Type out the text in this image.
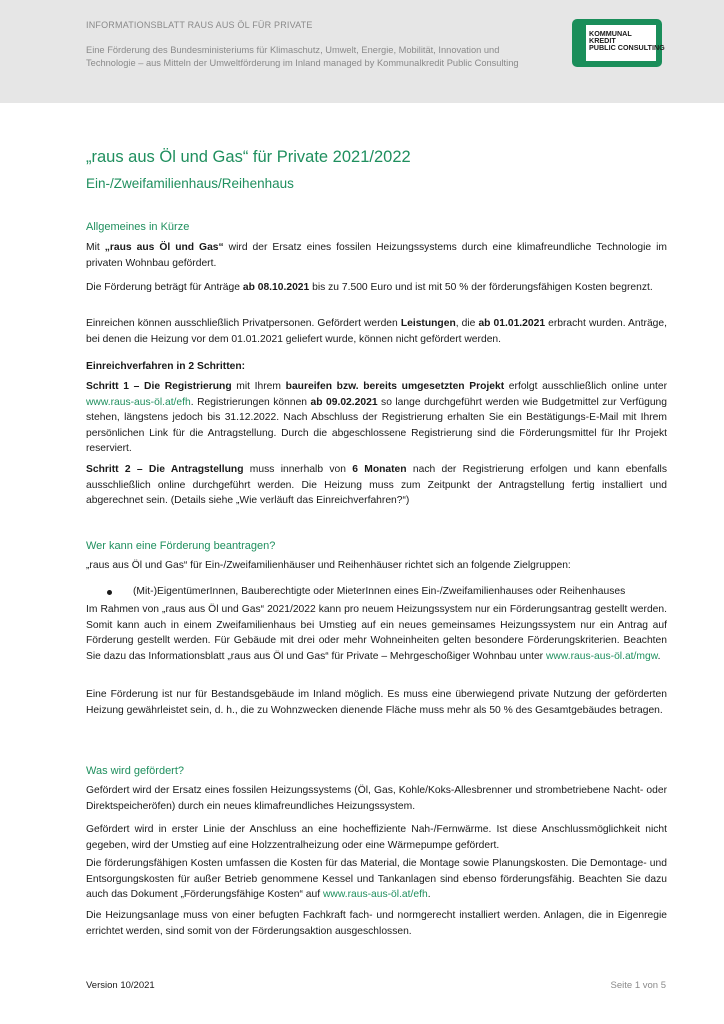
INFORMATIONSBLATT RAUS AUS ÖL FÜR PRIVATE
Eine Förderung des Bundesministeriums für Klimaschutz, Umwelt, Energie, Mobilität, Innovation und Technologie – aus Mitteln der Umweltförderung im Inland managed by Kommunalkredit Public Consulting
KOMMUNAL
KREDIT
PUBLIC CONSULTING
„raus aus Öl und Gas“ für Private 2021/2022
Ein-/Zweifamilienhaus/Reihenhaus
Allgemeines in Kürze

Mit „raus aus Öl und Gas“ wird der Ersatz eines fossilen Heizungssystems durch eine klimafreundliche Technologie im privaten Wohnbau gefördert.

Die Förderung beträgt für Anträge ab 08.10.2021 bis zu 7.500 Euro und ist mit 50 % der förderungsfähigen Kosten begrenzt.

Einreichen können ausschließlich Privatpersonen. Gefördert werden Leistungen, die ab 01.01.2021 erbracht wurden. Anträge, bei denen die Heizung vor dem 01.01.2021 geliefert wurde, können nicht gefördert werden.

Einreichverfahren in 2 Schritten:

Schritt 1 – Die Registrierung mit Ihrem baureifen bzw. bereits umgesetzten Projekt erfolgt ausschließlich online unter www.raus-aus-öl.at/efh. Registrierungen können ab 09.02.2021 so lange durchgeführt werden wie Budgetmittel zur Verfügung stehen, längstens jedoch bis 31.12.2022. Nach Abschluss der Registrierung erhalten Sie ein Bestätigungs-E-Mail mit Ihrem persönlichen Link für die Antragstellung. Durch die abgeschlossene Registrierung sind die Förderungsmittel für Ihr Projekt reserviert.

Schritt 2 – Die Antragstellung muss innerhalb von 6 Monaten nach der Registrierung erfolgen und kann ebenfalls ausschließlich online durchgeführt werden. Die Heizung muss zum Zeitpunkt der Antragstellung fertig installiert und abgerechnet sein. (Details siehe „Wie verläuft das Einreichverfahren?“)

Wer kann eine Förderung beantragen?

„raus aus Öl und Gas“ für Ein-/Zweifamilienhäuser und Reihenhäuser richtet sich an folgende Zielgruppen:

(Mit-)EigentümerInnen, Bauberechtigte oder MieterInnen eines Ein-/Zweifamilienhauses oder Reihenhauses

Im Rahmen von „raus aus Öl und Gas“ 2021/2022 kann pro neuem Heizungssystem nur ein Förderungsantrag gestellt werden. Somit kann auch in einem Zweifamilienhaus bei Umstieg auf ein neues gemeinsames Heizungssystem nur ein Antrag auf Förderung gestellt werden. Für Gebäude mit drei oder mehr Wohneinheiten gelten besondere Förderungskriterien. Beachten Sie dazu das Informationsblatt „raus aus Öl und Gas“ für Private – Mehrgeschoßiger Wohnbau unter www.raus-aus-öl.at/mgw.

Eine Förderung ist nur für Bestandsgebäude im Inland möglich. Es muss eine überwiegend private Nutzung der geförderten Heizung gewährleistet sein, d. h., die zu Wohnzwecken dienende Fläche muss mehr als 50 % des Gesamtgebäudes betragen.

Was wird gefördert?

Gefördert wird der Ersatz eines fossilen Heizungssystems (Öl, Gas, Kohle/Koks-Allesbrenner und strombetriebene Nacht- oder Direktspeicheröfen) durch ein neues klimafreundliches Heizungssystem.

Gefördert wird in erster Linie der Anschluss an eine hocheffiziente Nah-/Fernwärme. Ist diese Anschlussmöglichkeit nicht gegeben, wird der Umstieg auf eine Holzzentralheizung oder eine Wärmepumpe gefördert.

Die förderungsfähigen Kosten umfassen die Kosten für das Material, die Montage sowie Planungskosten. Die Demontage- und Entsorgungskosten für außer Betrieb genommene Kessel und Tankanlagen sind ebenso förderungsfähig. Beachten Sie dazu auch das Dokument „Förderungsfähige Kosten“ auf www.raus-aus-öl.at/efh.

Die Heizungsanlage muss von einer befugten Fachkraft fach- und normgerecht installiert werden. Anlagen, die in Eigenregie errichtet werden, sind somit von der Förderungsaktion ausgeschlossen.

Version 10/2021	Seite 1 von 5
